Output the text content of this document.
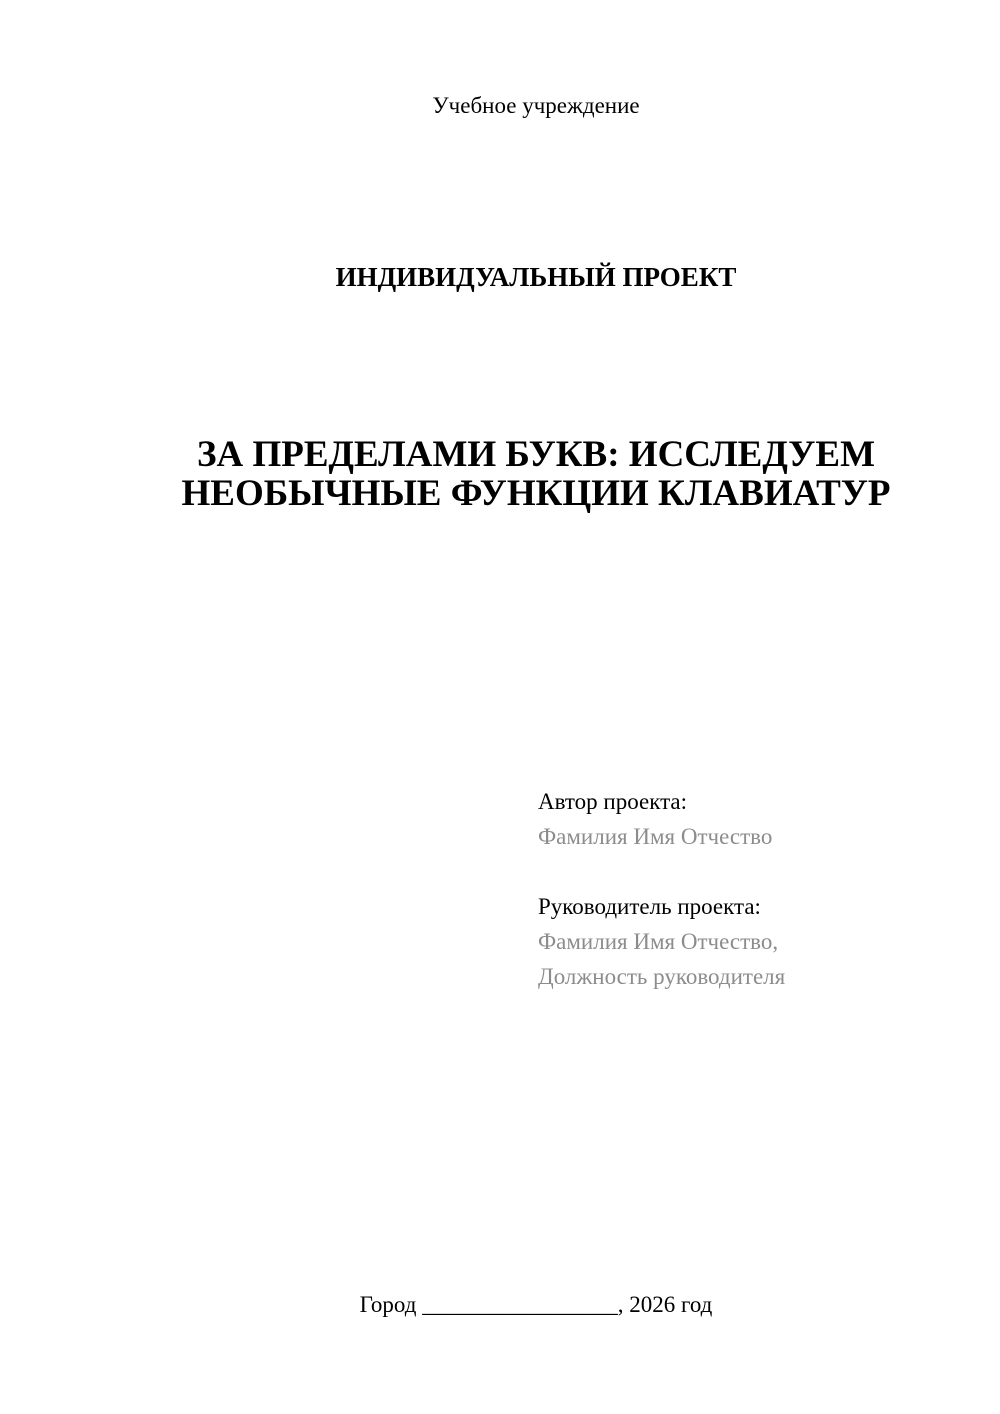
Учебное учреждение
ИНДИВИДУАЛЬНЫЙ ПРОЕКТ
ЗА ПРЕДЕЛАМИ БУКВ: ИССЛЕДУЕМ
НЕОБЫЧНЫЕ ФУНКЦИИ КЛАВИАТУР
Автор проекта:
Фамилия Имя Отчество
Руководитель проекта:
Фамилия Имя Отчество,
Должность руководителя
Город _________________, 2026 год
